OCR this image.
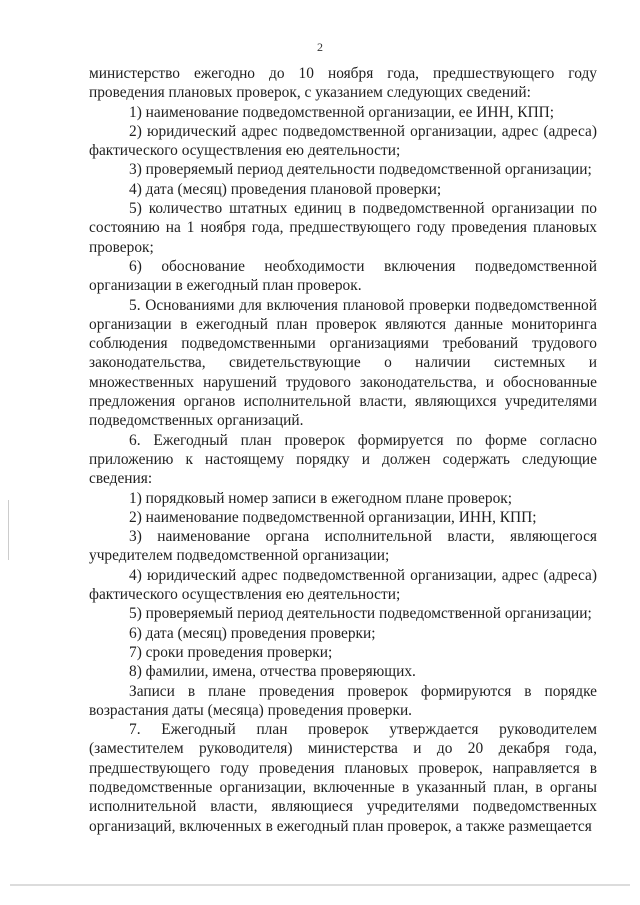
2

министерство ежегодно до 10 ноября года, предшествующего году проведения плановых проверок, с указанием следующих сведений:

1) наименование подведомственной организации, ее ИНН, КПП;

2) юридический адрес подведомственной организации, адрес (адреса) фактического осуществления ею деятельности;

3) проверяемый период деятельности подведомственной организации;

4) дата (месяц) проведения плановой проверки;

5) количество штатных единиц в подведомственной организации по состоянию на 1 ноября года, предшествующего году проведения плановых проверок;

6) обоснование необходимости включения подведомственной организации в ежегодный план проверок.

5. Основаниями для включения плановой проверки подведомственной организации в ежегодный план проверок являются данные мониторинга соблюдения подведомственными организациями требований трудового законодательства, свидетельствующие о наличии системных и множественных нарушений трудового законодательства, и обоснованные предложения органов исполнительной власти, являющихся учредителями подведомственных организаций.

6. Ежегодный план проверок формируется по форме согласно приложению к настоящему порядку и должен содержать следующие сведения:

1) порядковый номер записи в ежегодном плане проверок;

2) наименование подведомственной организации, ИНН, КПП;

3) наименование органа исполнительной власти, являющегося учредителем подведомственной организации;

4) юридический адрес подведомственной организации, адрес (адреса) фактического осуществления ею деятельности;

5) проверяемый период деятельности подведомственной организации;

6) дата (месяц) проведения проверки;

7) сроки проведения проверки;

8) фамилии, имена, отчества проверяющих.

Записи в плане проведения проверок формируются в порядке возрастания даты (месяца) проведения проверки.

7. Ежегодный план проверок утверждается руководителем (заместителем руководителя) министерства и до 20 декабря года, предшествующего году проведения плановых проверок, направляется в подведомственные организации, включенные в указанный план, в органы исполнительной власти, являющиеся учредителями подведомственных организаций, включенных в ежегодный план проверок, а также размещается
